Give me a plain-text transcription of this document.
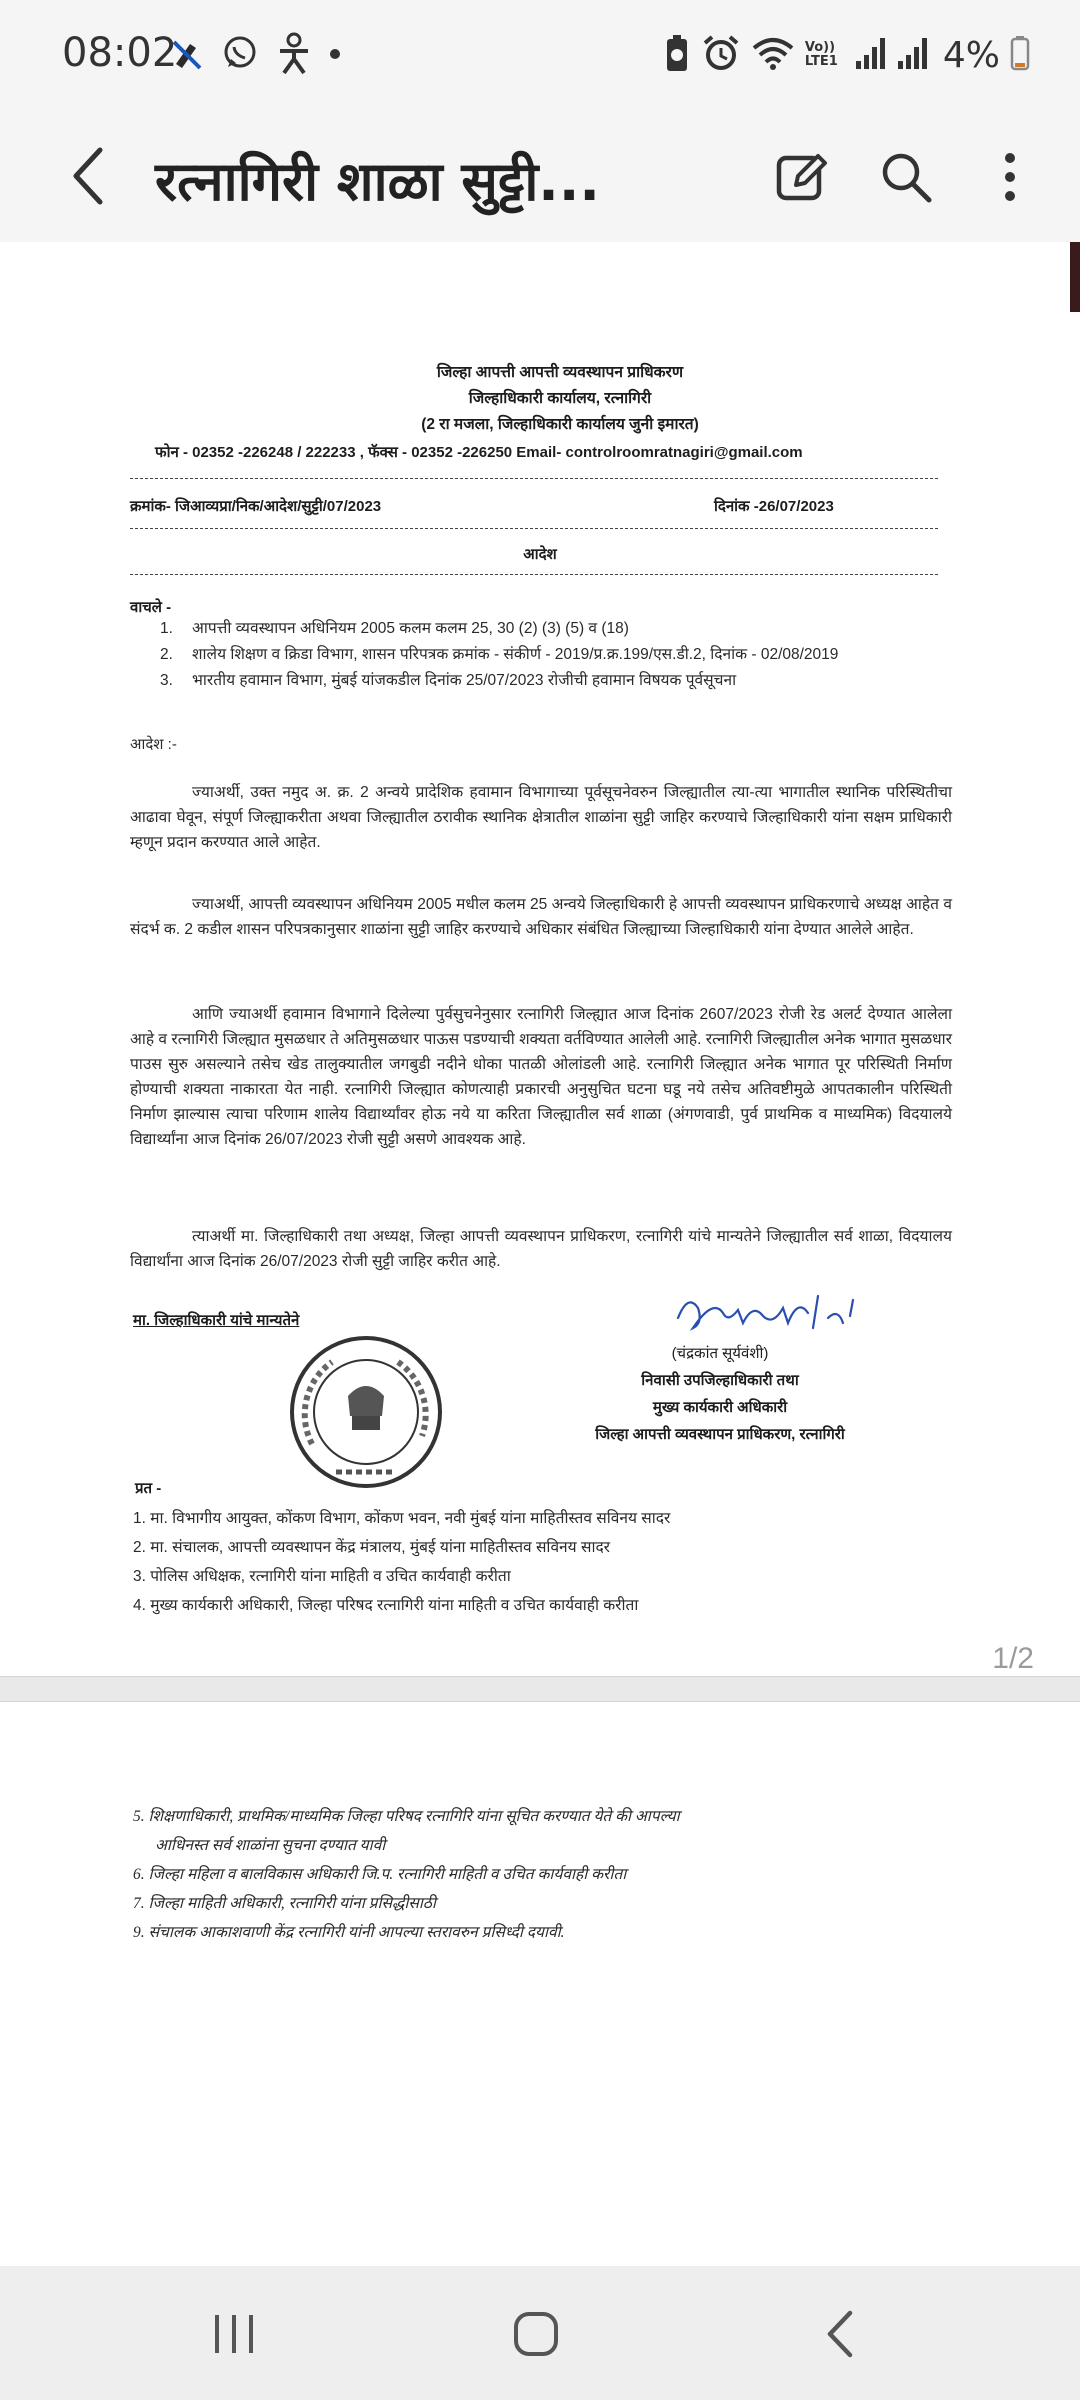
08:02	Vo)) LTE1	4%
रत्नागिरी शाळा सुट्टी...
जिल्हा आपत्ती आपत्ती व्यवस्थापन प्राधिकरण
जिल्हाधिकारी कार्यालय, रत्नागिरी
(2 रा मजला, जिल्हाधिकारी कार्यालय जुनी इमारत)
फोन - 02352 -226248 / 222233 , फॅक्स - 02352 -226250 Email- controlroomratnagiri@gmail.com
क्रमांक- जिआव्यप्रा/निक/आदेश/सुट्टी/07/2023	दिनांक -26/07/2023
आदेश
वाचले -
1. आपत्ती व्यवस्थापन अधिनियम 2005 कलम कलम 25, 30 (2) (3) (5) व (18)
2. शालेय शिक्षण व क्रिडा विभाग, शासन परिपत्रक क्रमांक - संकीर्ण - 2019/प्र.क्र.199/एस.डी.2, दिनांक - 02/08/2019
3. भारतीय हवामान विभाग, मुंबई यांजकडील दिनांक 25/07/2023 रोजीची हवामान विषयक पूर्वसूचना
आदेश :-
ज्याअर्थी, उक्त नमुद अ. क्र. 2 अन्वये प्रादेशिक हवामान विभागाच्या पूर्वसूचनेवरुन जिल्ह्यातील त्या-त्या भागातील स्थानिक परिस्थितीचा आढावा घेवून, संपूर्ण जिल्ह्याकरीता अथवा जिल्ह्यातील ठरावीक स्थानिक क्षेत्रातील शाळांना सुट्टी जाहिर करण्याचे जिल्हाधिकारी यांना सक्षम प्राधिकारी म्हणून प्रदान करण्यात आले आहेत.
ज्याअर्थी, आपत्ती व्यवस्थापन अधिनियम 2005 मधील कलम 25 अन्वये जिल्हाधिकारी हे आपत्ती व्यवस्थापन प्राधिकरणाचे अध्यक्ष आहेत व संदर्भ क. 2 कडील शासन परिपत्रकानुसार शाळांना सुट्टी जाहिर करण्याचे अधिकार संबंधित जिल्ह्याच्या जिल्हाधिकारी यांना देण्यात आलेले आहेत.
आणि ज्याअर्थी हवामान विभागाने दिलेल्या पुर्वसुचनेनुसार रत्नागिरी जिल्ह्यात आज दिनांक 2607/2023 रोजी रेड अलर्ट देण्यात आलेला आहे व रत्नागिरी जिल्ह्यात मुसळधार ते अतिमुसळधार पाऊस पडण्याची शक्यता वर्तविण्यात आलेली आहे. रत्नागिरी जिल्ह्यातील अनेक भागात मुसळधार पाउस सुरु असल्याने तसेच खेड तालुक्यातील जगबुडी नदीने धोका पातळी ओलांडली आहे. रत्नागिरी जिल्ह्यात अनेक भागात पूर परिस्थिती निर्माण होण्याची शक्यता नाकारता येत नाही. रत्नागिरी जिल्ह्यात कोणत्याही प्रकारची अनुसुचित घटना घडू नये तसेच अतिवष्टीमुळे आपतकालीन परिस्थिती निर्माण झाल्यास त्याचा परिणाम शालेय विद्यार्थ्यांवर होऊ नये या करिता जिल्ह्यातील सर्व शाळा (अंगणवाडी, पुर्व प्राथमिक व माध्यमिक) विदयालये विद्यार्थ्यांना आज दिनांक 26/07/2023 रोजी सुट्टी असणे आवश्यक आहे.
त्याअर्थी मा. जिल्हाधिकारी तथा अध्यक्ष, जिल्हा आपत्ती व्यवस्थापन प्राधिकरण, रत्नागिरी यांचे मान्यतेने जिल्ह्यातील सर्व शाळा, विदयालय विद्यार्थांना आज दिनांक 26/07/2023 रोजी सुट्टी जाहिर करीत आहे.
मा. जिल्हाधिकारी यांचे मान्यतेने
(चंद्रकांत सूर्यवंशी)
निवासी उपजिल्हाधिकारी तथा
मुख्य कार्यकारी अधिकारी
जिल्हा आपत्ती व्यवस्थापन प्राधिकरण, रत्नागिरी
प्रत -
1. मा. विभागीय आयुक्त, कोंकण विभाग, कोंकण भवन, नवी मुंबई यांना माहितीस्तव सविनय सादर
2. मा. संचालक, आपत्ती व्यवस्थापन केंद्र मंत्रालय, मुंबई यांना माहितीस्तव सविनय सादर
3. पोलिस अधिक्षक, रत्नागिरी यांना माहिती व उचित कार्यवाही करीता
4. मुख्य कार्यकारी अधिकारी, जिल्हा परिषद रत्नागिरी यांना माहिती व उचित कार्यवाही करीता
1/2
5. शिक्षणाधिकारी, प्राथमिक/माध्यमिक जिल्हा परिषद रत्नागिरि यांना सूचित करण्यात येते की आपल्या
आधिनस्त सर्व शाळांना सुचना दण्यात यावी
6. जिल्हा महिला व बालविकास अधिकारी जि.प. रत्नागिरी माहिती व उचित कार्यवाही करीता
7. जिल्हा माहिती अधिकारी, रत्नागिरी यांना प्रसिद्धीसाठी
9. संचालक आकाशवाणी केंद्र रत्नागिरी यांनी आपल्या स्तरावरुन प्रसिध्दी दयावी.
